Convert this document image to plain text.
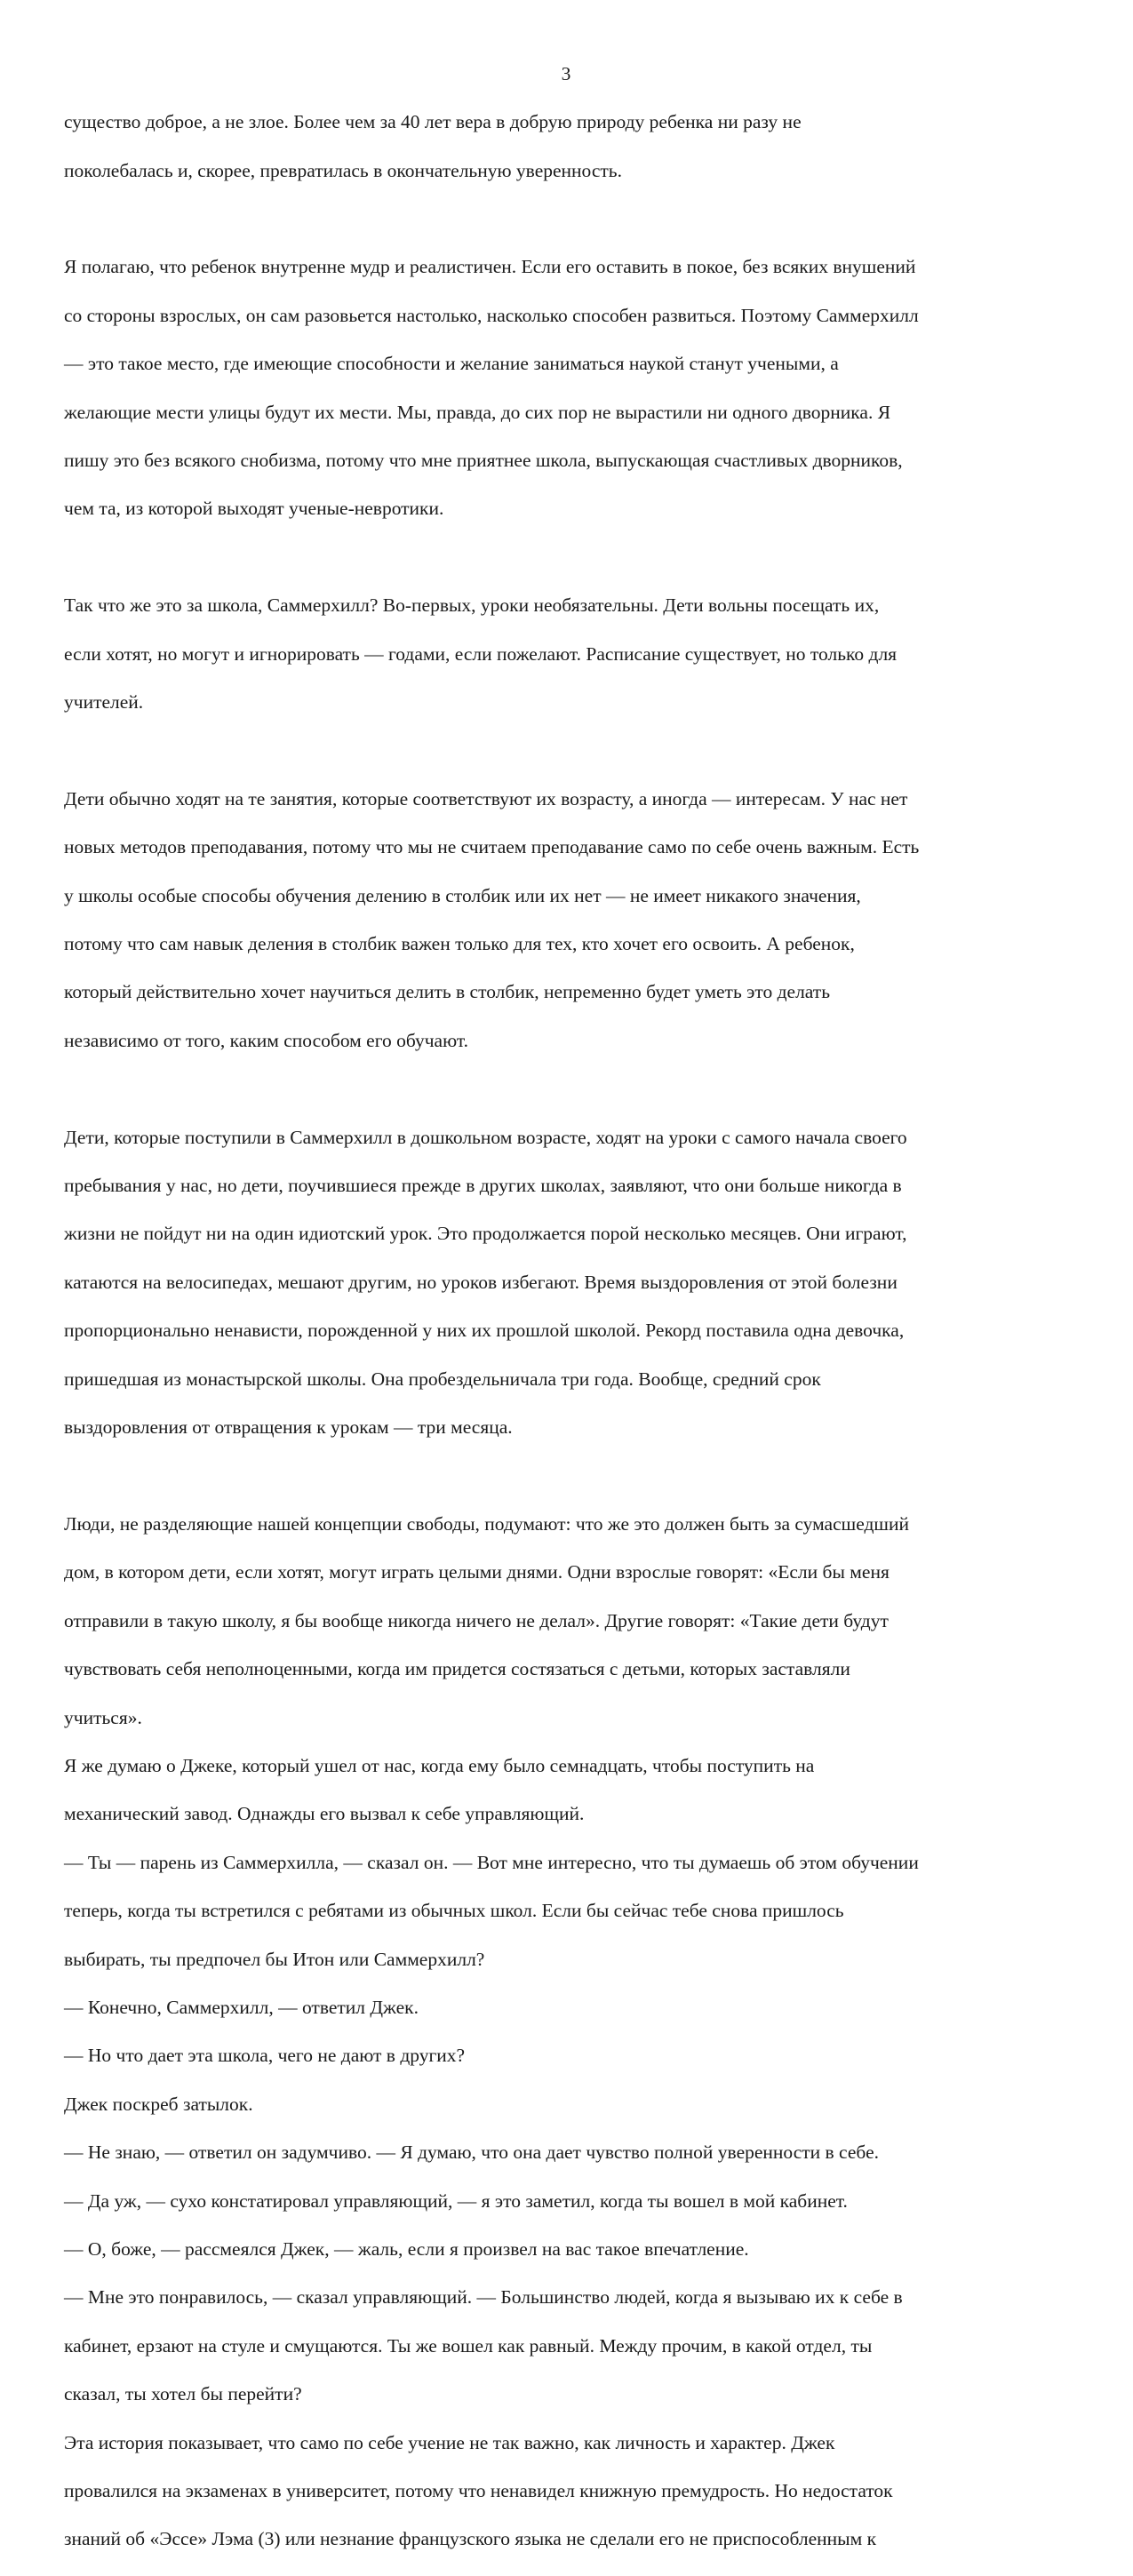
3

существо доброе, а не злое. Более чем за 40 лет вера в добрую природу ребенка ни разу не

поколебалась и, скорее, превратилась в окончательную уверенность.

Я полагаю, что ребенок внутренне мудр и реалистичен. Если его оставить в покое, без всяких внушений

со стороны взрослых, он сам разовьется настолько, насколько способен развиться. Поэтому Саммерхилл

— это такое место, где имеющие способности и желание заниматься наукой станут учеными, а

желающие мести улицы будут их мести. Мы, правда, до сих пор не вырастили ни одного дворника. Я

пишу это без всякого снобизма, потому что мне приятнее школа, выпускающая счастливых дворников,

чем та, из которой выходят ученые-невротики.

Так что же это за школа, Саммерхилл? Во-первых, уроки необязательны. Дети вольны посещать их,

если хотят, но могут и игнорировать — годами, если пожелают. Расписание существует, но только для

учителей.

Дети обычно ходят на те занятия, которые соответствуют их возрасту, а иногда — интересам. У нас нет

новых методов преподавания, потому что мы не считаем преподавание само по себе очень важным. Есть

у школы особые способы обучения делению в столбик или их нет — не имеет никакого значения,

потому что сам навык деления в столбик важен только для тех, кто хочет его освоить. А ребенок,

который действительно хочет научиться делить в столбик, непременно будет уметь это делать

независимо от того, каким способом его обучают.

Дети, которые поступили в Саммерхилл в дошкольном возрасте, ходят на уроки с самого начала своего

пребывания у нас, но дети, поучившиеся прежде в других школах, заявляют, что они больше никогда в

жизни не пойдут ни на один идиотский урок. Это продолжается порой несколько месяцев. Они играют,

катаются на велосипедах, мешают другим, но уроков избегают. Время выздоровления от этой болезни

пропорционально ненависти, порожденной у них их прошлой школой. Рекорд поставила одна девочка,

пришедшая из монастырской школы. Она пробездельничала три года. Вообще, средний срок

выздоровления от отвращения к урокам — три месяца.

Люди, не разделяющие нашей концепции свободы, подумают: что же это должен быть за сумасшедший

дом, в котором дети, если хотят, могут играть целыми днями. Одни взрослые говорят: «Если бы меня

отправили в такую школу, я бы вообще никогда ничего не делал». Другие говорят: «Такие дети будут

чувствовать себя неполноценными, когда им придется состязаться с детьми, которых заставляли

учиться».

Я же думаю о Джеке, который ушел от нас, когда ему было семнадцать, чтобы поступить на

механический завод. Однажды его вызвал к себе управляющий.

— Ты — парень из Саммерхилла, — сказал он. — Вот мне интересно, что ты думаешь об этом обучении

теперь, когда ты встретился с ребятами из обычных школ. Если бы сейчас тебе снова пришлось

выбирать, ты предпочел бы Итон или Саммерхилл?

— Конечно, Саммерхилл, — ответил Джек.

— Но что дает эта школа, чего не дают в других?

Джек поскреб затылок.

— Не знаю, — ответил он задумчиво. — Я думаю, что она дает чувство полной уверенности в себе.

— Да уж, — сухо констатировал управляющий, — я это заметил, когда ты вошел в мой кабинет.

— О, боже, — рассмеялся Джек, — жаль, если я произвел на вас такое впечатление.

— Мне это понравилось, — сказал управляющий. — Большинство людей, когда я вызываю их к себе в

кабинет, ерзают на стуле и смущаются. Ты же вошел как равный. Между прочим, в какой отдел, ты

сказал, ты хотел бы перейти?

Эта история показывает, что само по себе учение не так важно, как личность и характер. Джек

провалился на экзаменах в университет, потому что ненавидел книжную премудрость. Но недостаток

знаний об «Эссе» Лэма (3) или незнание французского языка не сделали его не приспособленным к
